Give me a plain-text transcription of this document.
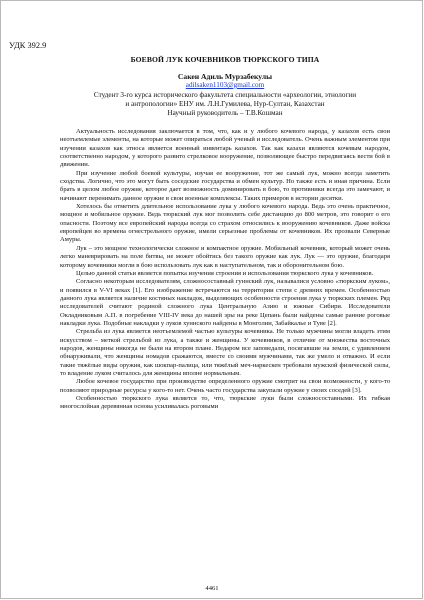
УДК 392.9
БОЕВОЙ ЛУК КОЧЕВНИКОВ ТЮРКСКОГО ТИПА
Сакен Адиль Мурзабекулы
adilsaken1103@gmail.com
Студент 3-го курса исторического факультета специальности «археологии, этнологии
и антропологии» ЕНУ им. Л.Н.Гумилева, Нур-Султан, Казахстан
Научный руководитель – Т.В.Кошман

Актуальность исследования заключается в том, что, как и у любого кочевого народа, у казахов есть свои неотъемлемые элементы, на которые может опираться любой ученый и исследователь. Очень важным элементом при изучении казахов как этноса является военный инвентарь казахов. Так как казахи являются кочевым народом, соответственно народом, у которого развито стрелковое вооружение, позволяющее быстро передвигаясь вести бой в движении.

При изучение любой боевой культуры, изучая ее вооружение, тот же самый лук, можно всегда заметить сходства. Логично, что это могут быть соседские государства и обмен культур. Но также есть и иная причина. Если брать в целом любое оружие, которое дает возможность доминировать в бою, то противники всегда это замечают, и начинают перенимать данное оружие в свои военные комплексы. Таких примеров в истории десятки.

Хотелось бы отметить длительное использование лука у любого кочевого народа. Ведь это очень практичное, мощное и мобильное оружие. Ведь тюркский лук мог позволить себе дистанцию до 800 метров, это говорит о его опасности. Поэтому все европейский народы всегда со страхом относились к вооружению кочевников. Даже войска европейцев во времена огнестрельного оружие, имели серьезные проблемы от кочевников. Их прозвали Северные Амуры.

Лук – это мощное технологически сложное и компактное оружие. Мобильный кочевник, который может очень легко маневрировать на поле битвы, не может обойтись без такого оружие как лук. Лук — это оружие, благодаря которому кочевники могли в бою использовать лук как в наступательном, так и оборонительном бою.

Целью данной статьи является попытка изучения строения и использования тюркского лука у кочевников.

Согласно некоторым исследователям, сложносоставный гуннский лук, называлися условно «тюркским луком», и появился в V-VI веках [1]. Его изображение встречаются на территории степи с древних времен. Особенностью данного лука является наличие костяных накладок, выделяющих особенности строения лука у тюркских племен. Ряд исследователей считают родиной сложного лука Центральную Азию и южные Сибири. Исследователи Окладниковым А.П. в погребение VIII-IV века до нашей эры на реке Цепань были найдены самые ранние роговые накладки лука. Подобные накладки у луков хуннского найдены в Монголии, Забайкалье и Туве [2].

Стрельба из лука является неотъемлемой частью культуры кочевника. Не только мужчины могли владеть этим искусством – меткой стрельбой из лука, а также и женщины. У кочевников, в отличие от множества восточных народов, женщины никогда не были на втором плане. Недаром все заповедали, посягавшие на земли, с удивлением обнаруживали, что женщины номадов сражаются, вместе со своими мужчинами, так же умело и отважно. И если такие тяжёлые виды оружия, как шокпар-палица, или тяжёлый меч-наркескен требовали мужской физической силы, то владение луком считалось для женщины вполне нормальным.

Любое кочевое государство при производстве определенного оружие смотрит на свои возможности, у кого-то позволяют природные ресурсы у кого-то нет. Очень часто государства закупали оружие у своих соседей [3].

Особенностью тюркского лука является то, что, тюркские луки были сложносоставными. Их гибкая многослойная деревянная основа усиливалась роговыми

4461
